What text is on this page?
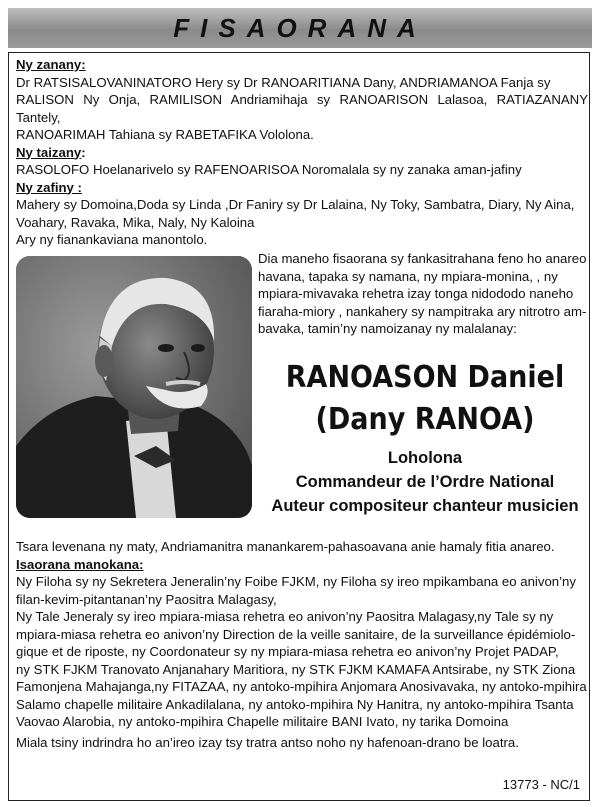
FISAORANA

Ny zanany:

Dr RATSISALOVANINATORO Hery sy Dr RANOARITIANA Dany, ANDRIAMANOA Fanja sy

RALISON Ny Onja, RAMILISON Andriamihaja sy RANOARISON Lalasoa, RATIAZANANY Tantely,

RANOARIMAH Tahiana sy RABETAFIKA Vololona.

Ny taizany:

RASOLOFO Hoelanarivelo sy RAFENOARISOA Noromalala sy ny zanaka aman-jafiny

Ny zafiny :

Mahery sy Domoina,Doda sy Linda ,Dr Faniry sy Dr Lalaina, Ny Toky, Sambatra, Diary, Ny Aina,

Voahary, Ravaka, Mika, Naly, Ny Kaloina

Ary ny fianankaviana manontolo.

Dia maneho fisaorana sy fankasitrahana feno ho anareo

havana, tapaka sy namana, ny mpiara-monina, , ny

mpiara-mivavaka rehetra izay tonga nidododo naneho

fiaraha-miory , nankahery sy nampitraka ary nitrotro am-

bavaka, tamin’ny namoizanay ny malalanay:

RANOASON Daniel
(Dany RANOA)
Loholona
Commandeur de l’Ordre National
Auteur compositeur chanteur musicien

Tsara levenana ny maty, Andriamanitra manankarem-pahasoavana anie hamaly fitia anareo.

Isaorana manokana:

Ny Filoha sy ny Sekretera Jeneralin’ny Foibe FJKM, ny Filoha sy ireo mpikambana eo anivon’ny

filan-kevim-pitantanan’ny Paositra Malagasy,

Ny Tale Jeneraly sy ireo mpiara-miasa rehetra eo anivon’ny Paositra Malagasy,ny Tale sy ny

mpiara-miasa rehetra eo anivon’ny Direction de la veille sanitaire, de la surveillance épidémiolo-

gique et de riposte, ny Coordonateur sy ny mpiara-miasa rehetra eo anivon’ny Projet PADAP,

ny STK FJKM Tranovato Anjanahary Maritiora, ny STK FJKM KAMAFA Antsirabe, ny STK Ziona

Famonjena Mahajanga,ny FITAZAA, ny antoko-mpihira Anjomara Anosivavaka, ny antoko-mpihira

Salamo chapelle militaire Ankadilalana, ny antoko-mpihira Ny Hanitra, ny antoko-mpihira Tsanta

Vaovao Alarobia, ny antoko-mpihira Chapelle militaire BANI Ivato, ny tarika Domoina

Miala tsiny indrindra ho an’ireo izay tsy tratra antso noho ny hafenoan-drano be loatra.

13773 - NC/1
